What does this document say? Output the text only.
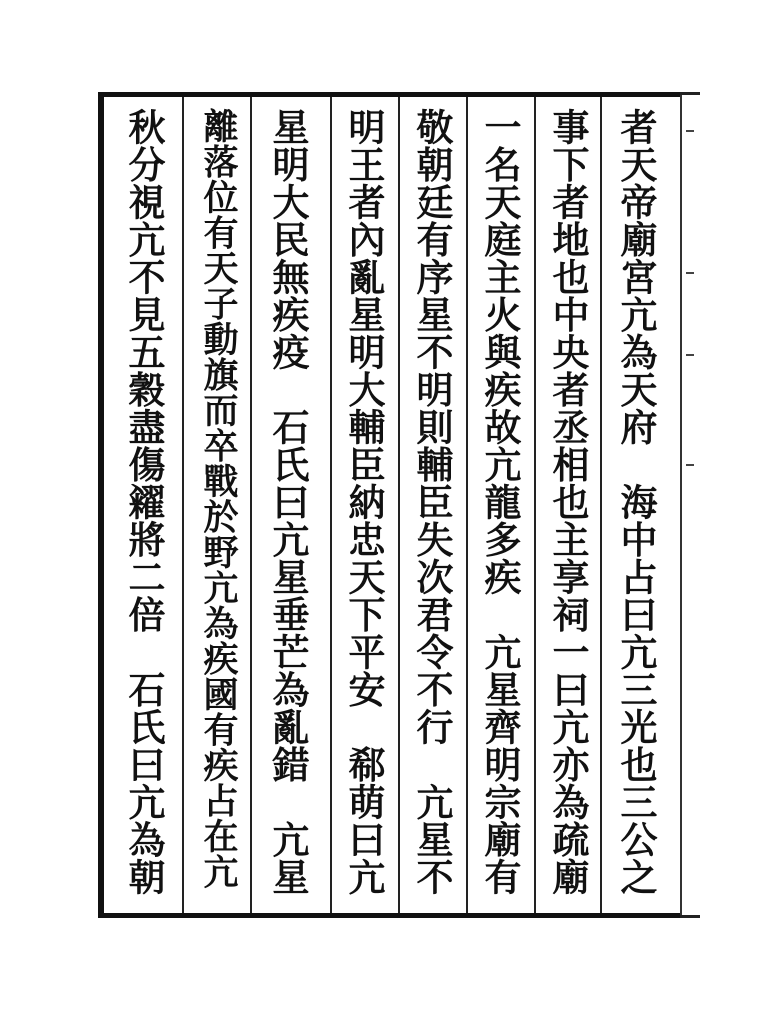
者天帝廟宮亢為天府　海中占曰亢三光也三公之
事下者地也中央者丞相也主享祠一曰亢亦為疏廟
一名天庭主火與疾故亢龍多疾　亢星齊明宗廟有
敬朝廷有序星不明則輔臣失次君令不行　亢星不
明王者內亂星明大輔臣納忠天下平安　郗萌曰亢
星明大民無疾疫　石氏曰亢星垂芒為亂錯　亢星
離落位有天子動旗而卒戰於野亢為疾國有疾占在亢
秋分視亢不見五穀盡傷糴將二倍　石氏曰亢為朝
